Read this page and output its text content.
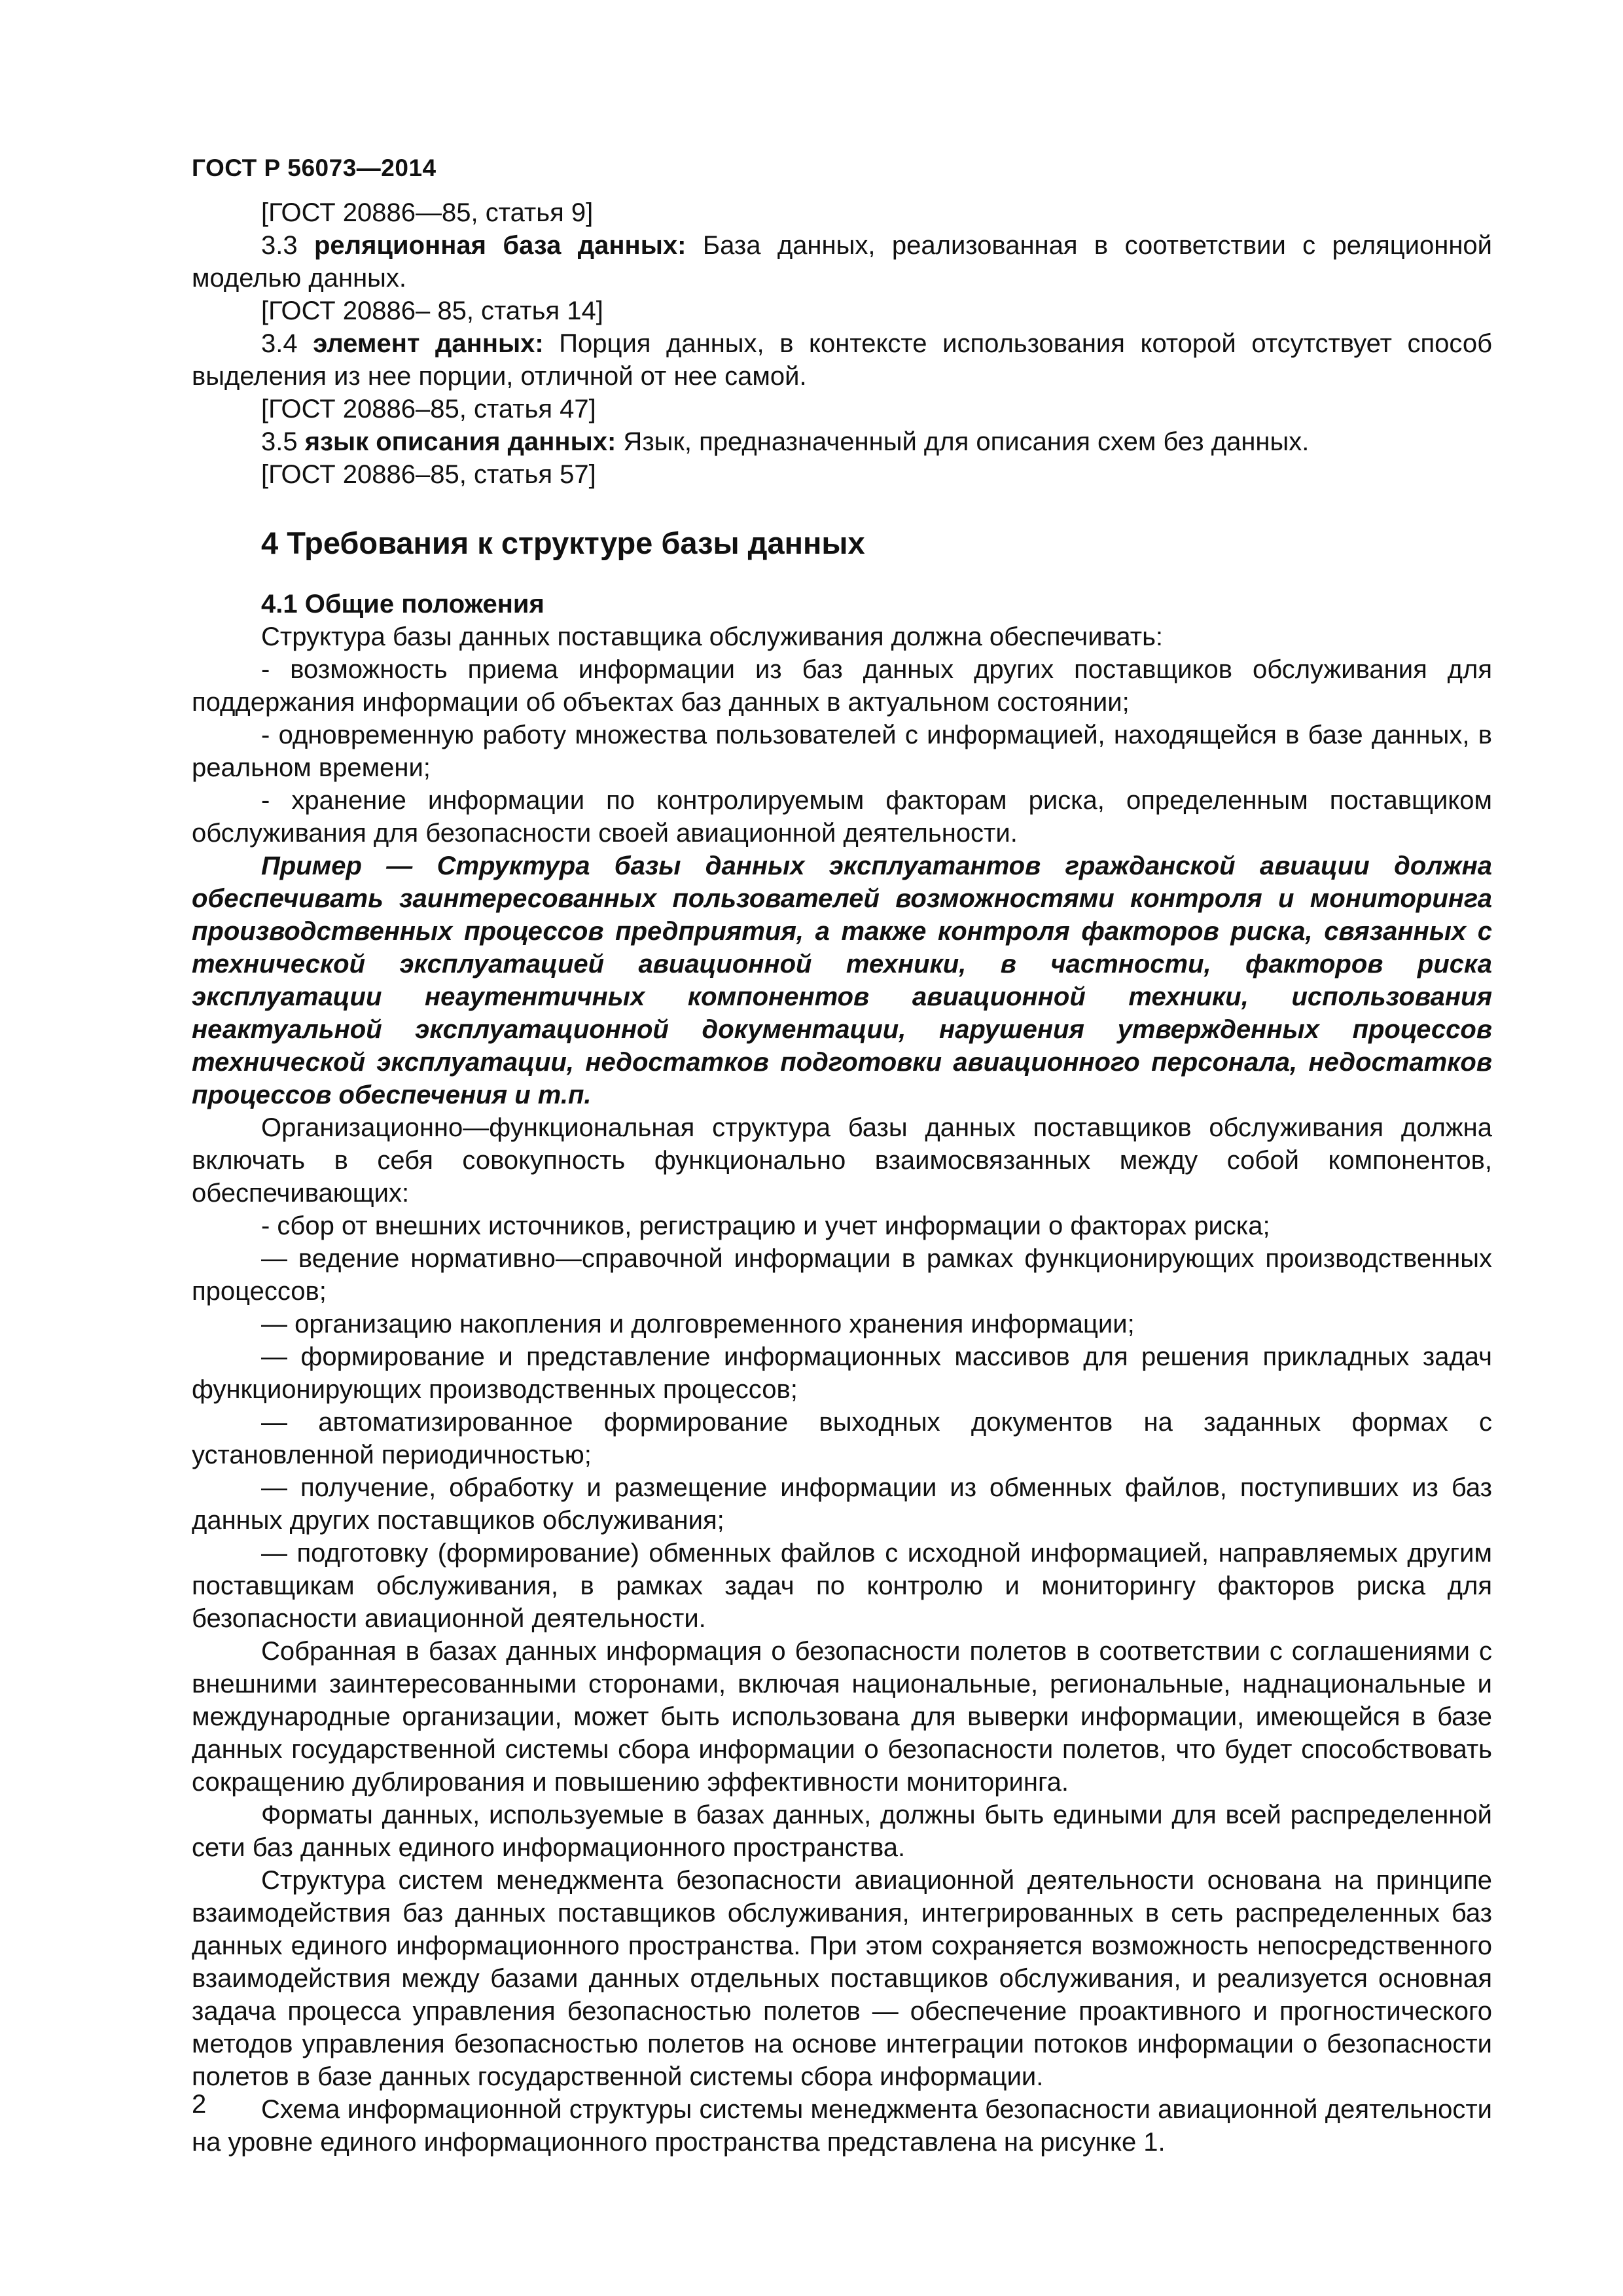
ГОСТ Р 56073—2014

[ГОСТ 20886—85, статья 9]

3.3 реляционная база данных: База данных, реализованная в соответствии с реляционной моделью данных.

[ГОСТ 20886– 85, статья 14]

3.4 элемент данных: Порция данных, в контексте использования которой отсутствует способ выделения из нее порции, отличной от нее самой.

[ГОСТ 20886–85, статья 47]

3.5 язык описания данных: Язык, предназначенный для описания схем без данных.

[ГОСТ 20886–85, статья 57]

4 Требования к структуре базы данных

4.1 Общие положения

Структура базы данных поставщика обслуживания должна обеспечивать:

- возможность приема информации из баз данных других поставщиков обслуживания для поддержания информации об объектах баз данных в актуальном состоянии;

- одновременную работу множества пользователей с информацией, находящейся в базе данных, в реальном времени;

- хранение информации по контролируемым факторам риска, определенным поставщиком обслуживания для безопасности своей авиационной деятельности.

Пример — Структура базы данных эксплуатантов гражданской авиации должна обеспечивать заинтересованных пользователей возможностями контроля и мониторинга производственных процессов предприятия, а также контроля факторов риска, связанных с технической эксплуатацией авиационной техники, в частности, факторов риска эксплуатации неаутентичных компонентов авиационной техники, использования неактуальной эксплуатационной документации, нарушения утвержденных процессов технической эксплуатации, недостатков подготовки авиационного персонала, недостатков процессов обеспечения и т.п.

Организационно—функциональная структура базы данных поставщиков обслуживания должна включать в себя совокупность функционально взаимосвязанных между собой компонентов, обеспечивающих:

- сбор от внешних источников, регистрацию и учет информации о факторах риска;

— ведение нормативно—справочной информации в рамках функционирующих производственных процессов;

— организацию накопления и долговременного хранения информации;

— формирование и представление информационных массивов для решения прикладных задач функционирующих производственных процессов;

— автоматизированное формирование выходных документов на заданных формах с установленной периодичностью;

— получение, обработку и размещение информации из обменных файлов, поступивших из баз данных других поставщиков обслуживания;

— подготовку (формирование) обменных файлов с исходной информацией, направляемых другим поставщикам обслуживания, в рамках задач по контролю и мониторингу факторов риска для безопасности авиационной деятельности.

Собранная в базах данных информация о безопасности полетов в соответствии с соглашениями с внешними заинтересованными сторонами, включая национальные, региональные, наднациональные и международные организации, может быть использована для выверки информации, имеющейся в базе данных государственной системы сбора информации о безопасности полетов, что будет способствовать сокращению дублирования и повышению эффективности мониторинга.

Форматы данных, используемые в базах данных, должны быть едиными для всей распределенной сети баз данных единого информационного пространства.

Структура систем менеджмента безопасности авиационной деятельности основана на принципе взаимодействия баз данных поставщиков обслуживания, интегрированных в сеть распределенных баз данных единого информационного пространства. При этом сохраняется возможность непосредственного взаимодействия между базами данных отдельных поставщиков обслуживания, и реализуется основная задача процесса управления безопасностью полетов — обеспечение проактивного и прогностического методов управления безопасностью полетов на основе интеграции потоков информации о безопасности полетов в базе данных государственной системы сбора информации.

Схема информационной структуры системы менеджмента безопасности авиационной деятельности на уровне единого информационного пространства представлена на рисунке 1.

2
